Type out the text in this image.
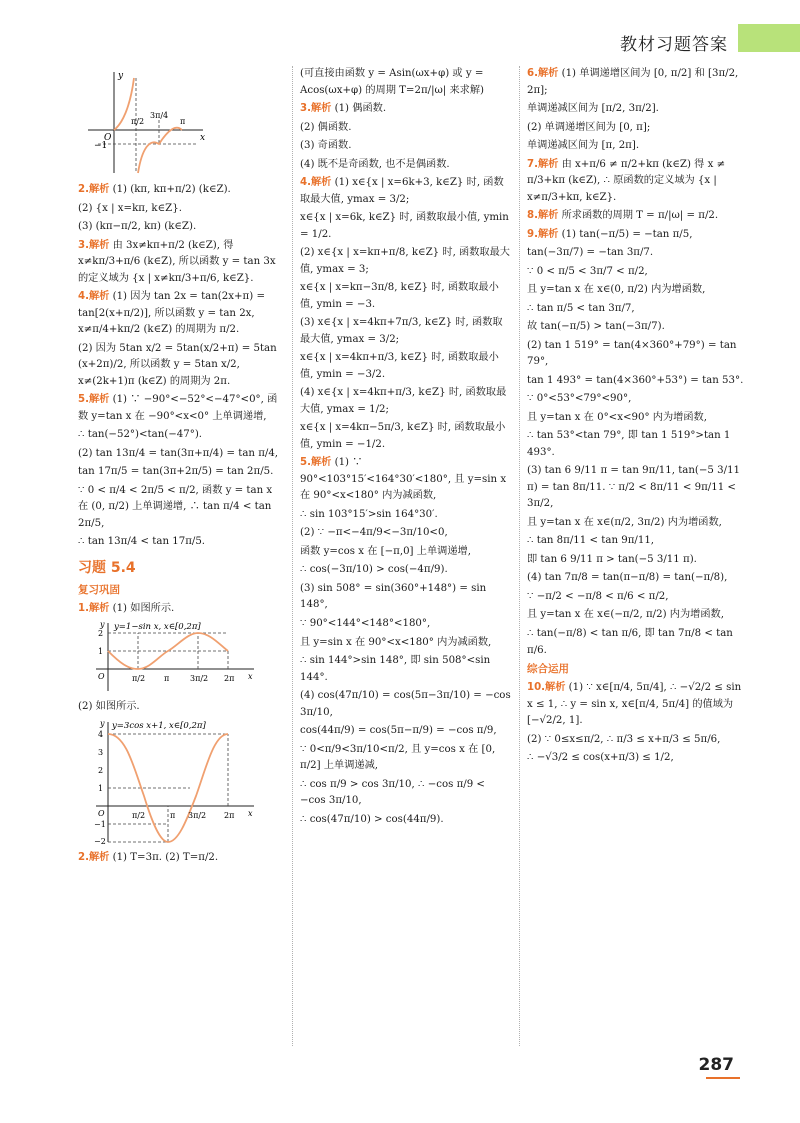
教材习题答案
y
x
O
−1
π/2
3π/4
π

2.解析 (1) (kπ, kπ+π/2) (k∈Z).

(2) {x | x=kπ, k∈Z}.

(3) (kπ−π/2, kπ) (k∈Z).

3.解析 由 3x≠kπ+π/2 (k∈Z), 得 x≠kπ/3+π/6 (k∈Z), 所以函数 y = tan 3x 的定义域为 {x | x≠kπ/3+π/6, k∈Z}.

4.解析 (1) 因为 tan 2x = tan(2x+π) = tan[2(x+π/2)], 所以函数 y = tan 2x, x≠π/4+kπ/2 (k∈Z) 的周期为 π/2.

(2) 因为 5tan x/2 = 5tan(x/2+π) = 5tan (x+2π)/2, 所以函数 y = 5tan x/2, x≠(2k+1)π (k∈Z) 的周期为 2π.

5.解析 (1) ∵ −90°<−52°<−47°<0°, 函数 y=tan x 在 −90°<x<0° 上单调递增,

∴ tan(−52°)<tan(−47°).

(2) tan 13π/4 = tan(3π+π/4) = tan π/4,

tan 17π/5 = tan(3π+2π/5) = tan 2π/5.

∵ 0 < π/4 < 2π/5 < π/2, 函数 y = tan x 在 (0, π/2) 上单调递增, ∴ tan π/4 < tan 2π/5,

∴ tan 13π/4 < tan 17π/5.

习题 5.4
复习巩固

1.解析 (1) 如图所示.

y=1−sin x, x∈[0,2π]
y
x
O
2
1
π/2 π	3π/2 2π

(2) 如图所示.

y=3cos x+1, x∈[0,2π]
y
x
O
4
3
2
1
−1
−2
π/2	π 3π/2 2π

2.解析 (1) T=3π. (2) T=π/2.

(可直接由函数 y = Asin(ωx+φ) 或 y = Acos(ωx+φ) 的周期 T=2π/|ω| 来求解)

3.解析 (1) 偶函数.

(2) 偶函数.

(3) 奇函数.

(4) 既不是奇函数, 也不是偶函数.

4.解析 (1) x∈{x | x=6k+3, k∈Z} 时, 函数取最大值, ymax = 3/2;

x∈{x | x=6k, k∈Z} 时, 函数取最小值, ymin = 1/2.

(2) x∈{x | x=kπ+π/8, k∈Z} 时, 函数取最大值, ymax = 3;

x∈{x | x=kπ−3π/8, k∈Z} 时, 函数取最小值, ymin = −3.

(3) x∈{x | x=4kπ+7π/3, k∈Z} 时, 函数取最大值, ymax = 3/2;

x∈{x | x=4kπ+π/3, k∈Z} 时, 函数取最小值, ymin = −3/2.

(4) x∈{x | x=4kπ+π/3, k∈Z} 时, 函数取最大值, ymax = 1/2;

x∈{x | x=4kπ−5π/3, k∈Z} 时, 函数取最小值, ymin = −1/2.

5.解析 (1) ∵ 90°<103°15′<164°30′<180°, 且 y=sin x 在 90°<x<180° 内为减函数,

∴ sin 103°15′>sin 164°30′.

(2) ∵ −π<−4π/9<−3π/10<0,

函数 y=cos x 在 [−π,0] 上单调递增,

∴ cos(−3π/10) > cos(−4π/9).

(3) sin 508° = sin(360°+148°) = sin 148°,

∵ 90°<144°<148°<180°,

且 y=sin x 在 90°<x<180° 内为减函数,

∴ sin 144°>sin 148°, 即 sin 508°<sin 144°.

(4) cos(47π/10) = cos(5π−3π/10) = −cos 3π/10,

cos(44π/9) = cos(5π−π/9) = −cos π/9,

∵ 0<π/9<3π/10<π/2, 且 y=cos x 在 [0, π/2] 上单调递减,

∴ cos π/9 > cos 3π/10, ∴ −cos π/9 < −cos 3π/10,

∴ cos(47π/10) > cos(44π/9).

6.解析 (1) 单调递增区间为 [0, π/2] 和 [3π/2, 2π];

单调递减区间为 [π/2, 3π/2].

(2) 单调递增区间为 [0, π];

单调递减区间为 [π, 2π].

7.解析 由 x+π/6 ≠ π/2+kπ (k∈Z) 得 x ≠ π/3+kπ (k∈Z), ∴ 原函数的定义域为 {x | x≠π/3+kπ, k∈Z}.

8.解析 所求函数的周期 T = π/|ω| = π/2.

9.解析 (1) tan(−π/5) = −tan π/5,

tan(−3π/7) = −tan 3π/7.

∵ 0 < π/5 < 3π/7 < π/2,

且 y=tan x 在 x∈(0, π/2) 内为增函数,

∴ tan π/5 < tan 3π/7,

故 tan(−π/5) > tan(−3π/7).

(2) tan 1 519° = tan(4×360°+79°) = tan 79°,

tan 1 493° = tan(4×360°+53°) = tan 53°.

∵ 0°<53°<79°<90°,

且 y=tan x 在 0°<x<90° 内为增函数,

∴ tan 53°<tan 79°, 即 tan 1 519°>tan 1 493°.

(3) tan 6 9/11 π = tan 9π/11, tan(−5 3/11 π) = tan 8π/11. ∵ π/2 < 8π/11 < 9π/11 < 3π/2,

且 y=tan x 在 x∈(π/2, 3π/2) 内为增函数,

∴ tan 8π/11 < tan 9π/11,

即 tan 6 9/11 π > tan(−5 3/11 π).

(4) tan 7π/8 = tan(π−π/8) = tan(−π/8),

∵ −π/2 < −π/8 < π/6 < π/2,

且 y=tan x 在 x∈(−π/2, π/2) 内为增函数,

∴ tan(−π/8) < tan π/6, 即 tan 7π/8 < tan π/6.

综合运用

10.解析 (1) ∵ x∈[π/4, 5π/4], ∴ −√2/2 ≤ sin x ≤ 1, ∴ y = sin x, x∈[π/4, 5π/4] 的值域为 [−√2/2, 1].

(2) ∵ 0≤x≤π/2, ∴ π/3 ≤ x+π/3 ≤ 5π/6,

∴ −√3/2 ≤ cos(x+π/3) ≤ 1/2,

287
